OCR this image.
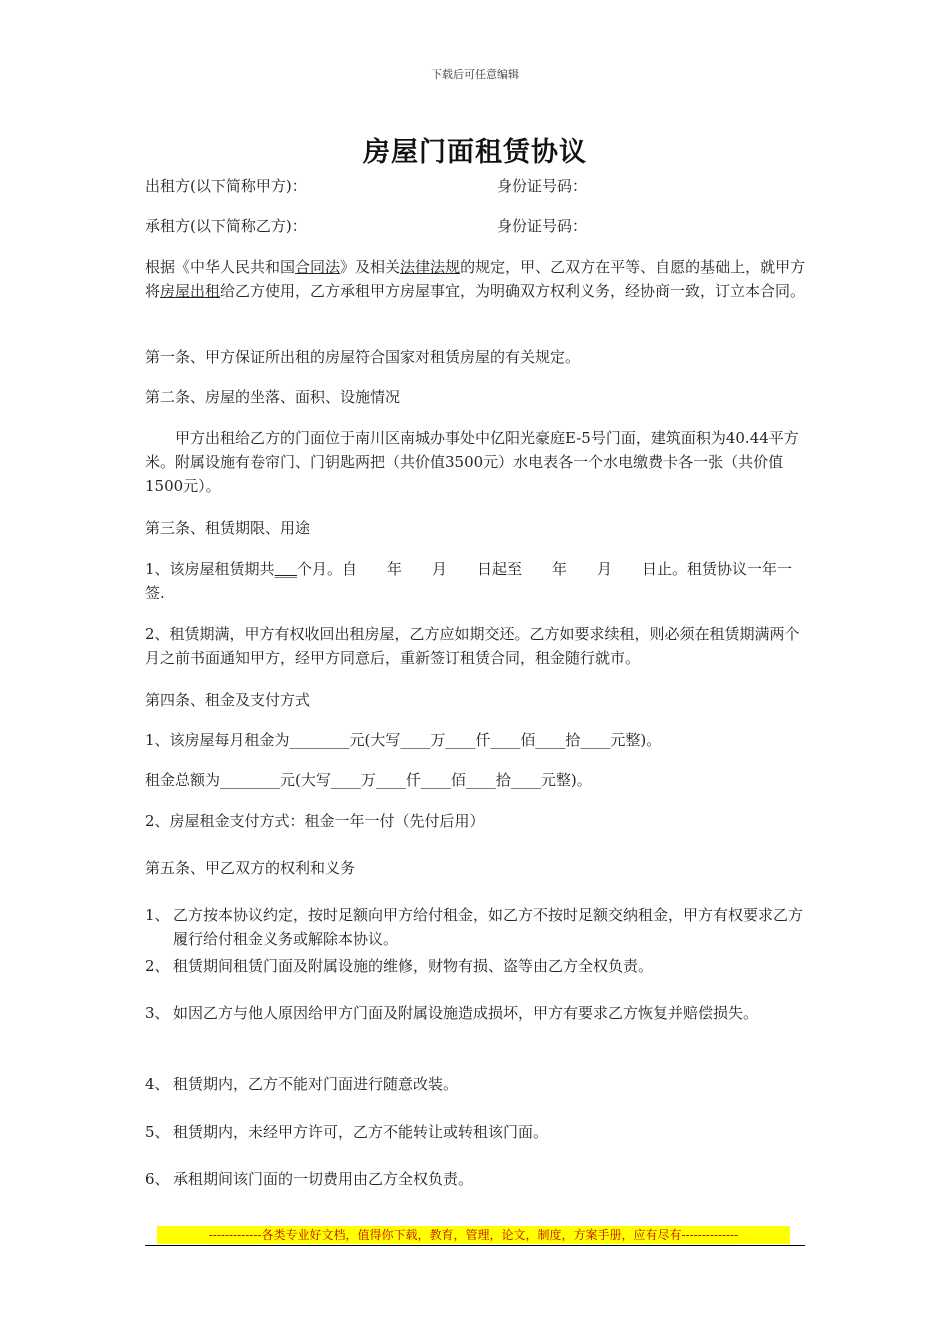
下载后可任意编辑
房屋门面租赁协议
出租方(以下简称甲方)：	身份证号码：
承租方(以下简称乙方)：	身份证号码：

根据《中华人民共和国合同法》及相关法律法规的规定，甲、乙双方在平等、自愿的基础上，就甲方将房屋出租给乙方使用，乙方承租甲方房屋事宜，为明确双方权利义务，经协商一致，订立本合同。

第一条、甲方保证所出租的房屋符合国家对租赁房屋的有关规定。

第二条、房屋的坐落、面积、设施情况

甲方出租给乙方的门面位于南川区南城办事处中亿阳光豪庭E-5号门面，建筑面积为40.44平方米。附属设施有卷帘门、门钥匙两把（共价值3500元）水电表各一个水电缴费卡各一张（共价值1500元）。

第三条、租赁期限、用途

1、该房屋租赁期共___个月。自　　年　　月　　日起至　　年　　月　　日止。租赁协议一年一签.

2、租赁期满，甲方有权收回出租房屋，乙方应如期交还。乙方如要求续租，则必须在租赁期满两个月之前书面通知甲方，经甲方同意后，重新签订租赁合同，租金随行就市。

第四条、租金及支付方式

1、该房屋每月租金为________元(大写____万____仟____佰____拾____元整)。

租金总额为________元(大写____万____仟____佰____拾____元整)。

2、房屋租金支付方式：租金一年一付（先付后用）

第五条、甲乙双方的权利和义务

1、 乙方按本协议约定，按时足额向甲方给付租金，如乙方不按时足额交纳租金，甲方有权要求乙方履行给付租金义务或解除本协议。
2、 租赁期间租赁门面及附属设施的维修，财物有损、盗等由乙方全权负责。
3、 如因乙方与他人原因给甲方门面及附属设施造成损坏，甲方有要求乙方恢复并赔偿损失。
4、 租赁期内，乙方不能对门面进行随意改装。
5、 租赁期内，未经甲方许可，乙方不能转让或转租该门面。
6、 承租期间该门面的一切费用由乙方全权负责。
-------------各类专业好文档，值得你下载，教育，管理，论文，制度，方案手册，应有尽有--------------
